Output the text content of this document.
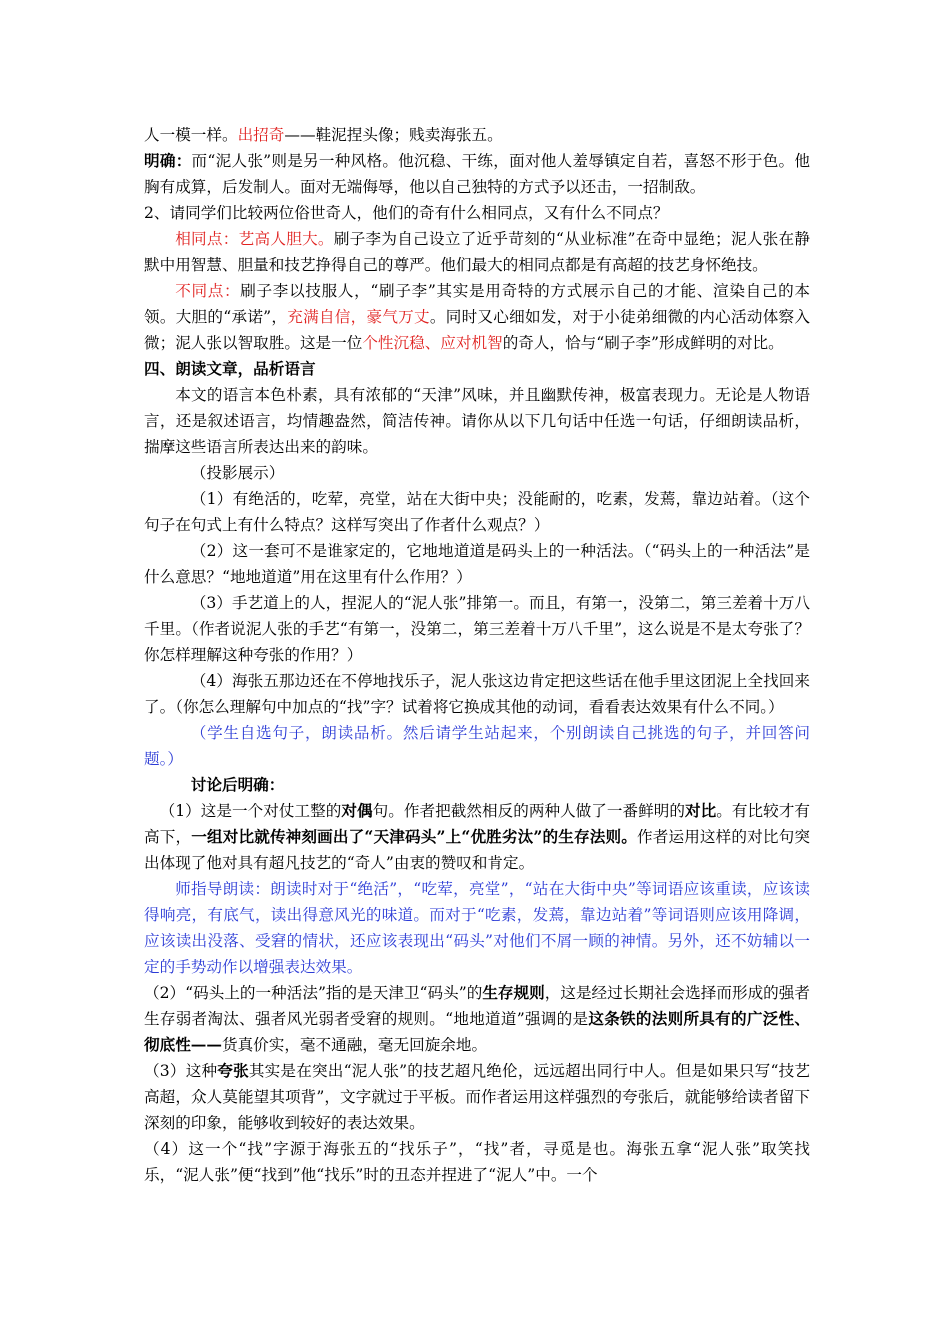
人一模一样。出招奇——鞋泥捏头像；贱卖海张五。

明确：而“泥人张”则是另一种风格。他沉稳、干练，面对他人羞辱镇定自若，喜怒不形于色。他胸有成算，后发制人。面对无端侮辱，他以自己独特的方式予以还击，一招制敌。

2、请同学们比较两位俗世奇人，他们的奇有什么相同点，又有什么不同点？

相同点：艺高人胆大。刷子李为自己设立了近乎苛刻的“从业标准”在奇中显绝；泥人张在静默中用智慧、胆量和技艺挣得自己的尊严。他们最大的相同点都是有高超的技艺身怀绝技。

不同点：刷子李以技服人，“刷子李”其实是用奇特的方式展示自己的才能、渲染自己的本领。大胆的“承诺”，充满自信，豪气万丈。同时又心细如发，对于小徒弟细微的内心活动体察入微；泥人张以智取胜。这是一位个性沉稳、应对机智的奇人，恰与“刷子李”形成鲜明的对比。

四、朗读文章，品析语言

本文的语言本色朴素，具有浓郁的“天津”风味，并且幽默传神，极富表现力。无论是人物语言，还是叙述语言，均情趣盎然，简洁传神。请你从以下几句话中任选一句话，仔细朗读品析，揣摩这些语言所表达出来的韵味。

（投影展示）

（1）有绝活的，吃荤，亮堂，站在大街中央；没能耐的，吃素，发蔫，靠边站着。（这个句子在句式上有什么特点？这样写突出了作者什么观点？）

（2）这一套可不是谁家定的，它地地道道是码头上的一种活法。（“码头上的一种活法”是什么意思？“地地道道”用在这里有什么作用？）

（3）手艺道上的人，捏泥人的“泥人张”排第一。而且，有第一，没第二，第三差着十万八千里。（作者说泥人张的手艺“有第一，没第二，第三差着十万八千里”，这么说是不是太夸张了？你怎样理解这种夸张的作用？）

（4）海张五那边还在不停地找乐子，泥人张这边肯定把这些话在他手里这团泥上全找回来了。（你怎么理解句中加点的“找”字？试着将它换成其他的动词，看看表达效果有什么不同。）

（学生自选句子，朗读品析。然后请学生站起来，个别朗读自己挑选的句子，并回答问题。）

讨论后明确：

（1）这是一个对仗工整的对偶句。作者把截然相反的两种人做了一番鲜明的对比。有比较才有高下，一组对比就传神刻画出了“天津码头”上“优胜劣汰”的生存法则。作者运用这样的对比句突出体现了他对具有超凡技艺的“奇人”由衷的赞叹和肯定。

师指导朗读：朗读时对于“绝活”，“吃荤，亮堂”，“站在大街中央”等词语应该重读，应该读得响亮，有底气，读出得意风光的味道。而对于“吃素，发蔫，靠边站着”等词语则应该用降调，应该读出没落、受窘的情状，还应该表现出“码头”对他们不屑一顾的神情。另外，还不妨辅以一定的手势动作以增强表达效果。

（2）“码头上的一种活法”指的是天津卫“码头”的生存规则，这是经过长期社会选择而形成的强者生存弱者淘汰、强者风光弱者受窘的规则。“地地道道”强调的是这条铁的法则所具有的广泛性、彻底性——货真价实，毫不通融，毫无回旋余地。

（3）这种夸张其实是在突出“泥人张”的技艺超凡绝伦，远远超出同行中人。但是如果只写“技艺高超，众人莫能望其项背”，文字就过于平板。而作者运用这样强烈的夸张后，就能够给读者留下深刻的印象，能够收到较好的表达效果。

（4）这一个“找”字源于海张五的“找乐子”，“找”者，寻觅是也。海张五拿“泥人张”取笑找乐，“泥人张”便“找到”他“找乐”时的丑态并捏进了“泥人”中。一个
